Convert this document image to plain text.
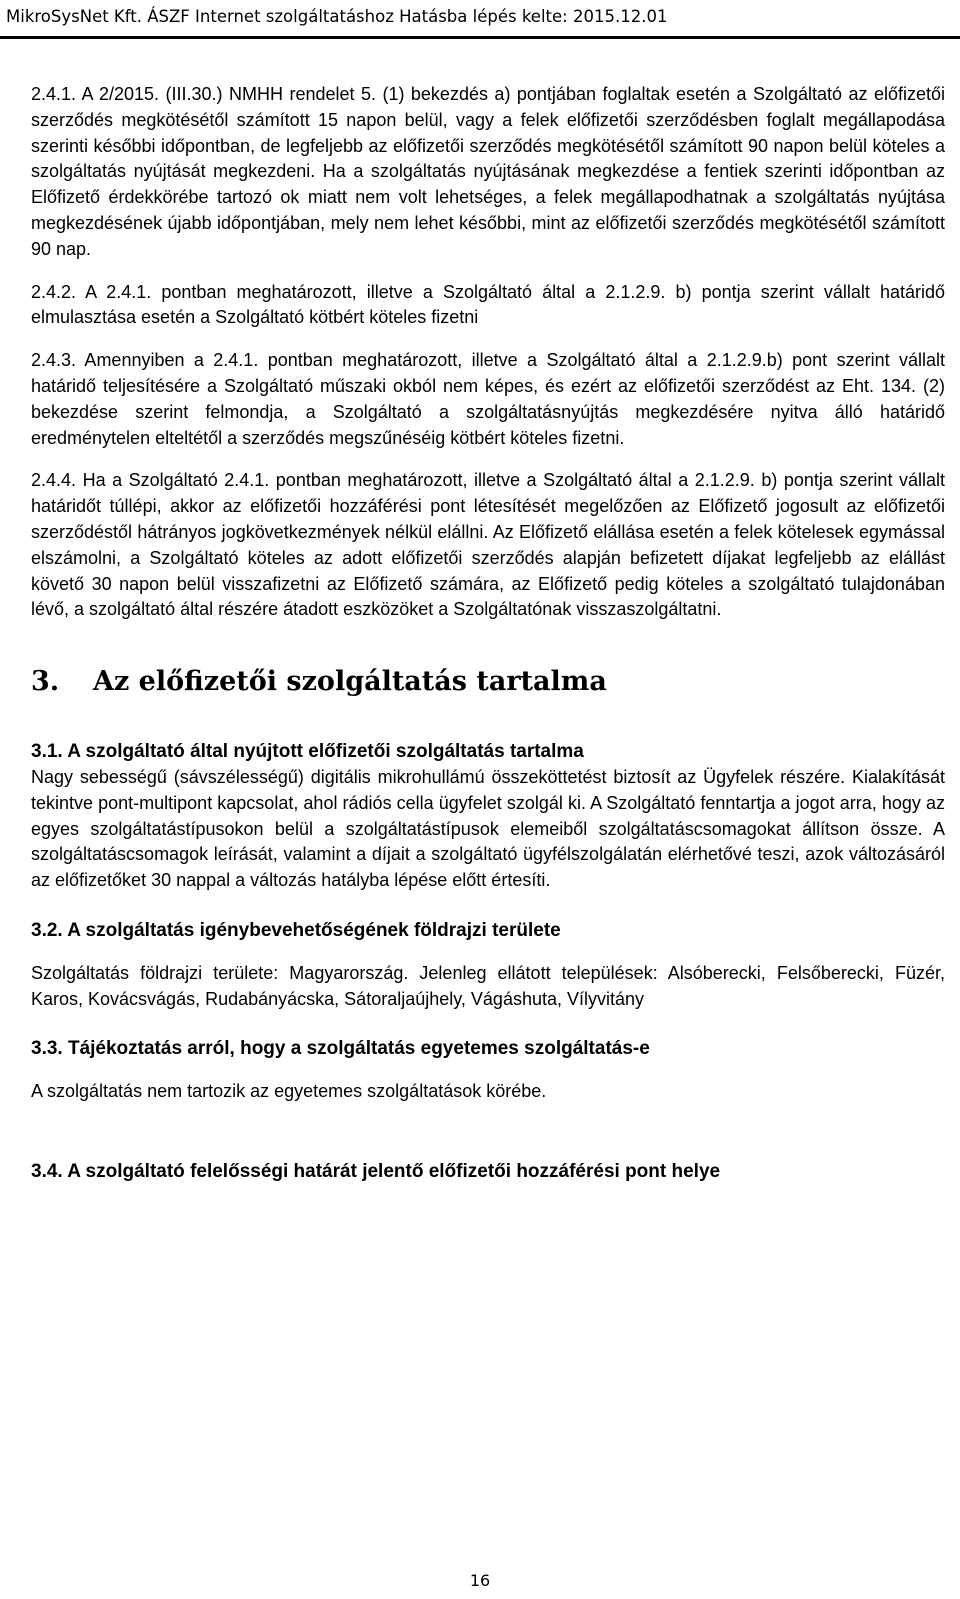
MikroSysNet Kft. ÁSZF Internet szolgáltatáshoz Hatásba lépés kelte: 2015.12.01

2.4.1. A 2/2015. (III.30.) NMHH rendelet 5. (1) bekezdés a) pontjában foglaltak esetén a Szolgáltató az előfizetői szerződés megkötésétől számított 15 napon belül, vagy a felek előfizetői szerződésben foglalt megállapodása szerinti későbbi időpontban, de legfeljebb az előfizetői szerződés megkötésétől számított 90 napon belül köteles a szolgáltatás nyújtását megkezdeni. Ha a szolgáltatás nyújtásának megkezdése a fentiek szerinti időpontban az Előfizető érdekkörébe tartozó ok miatt nem volt lehetséges, a felek megállapodhatnak a szolgáltatás nyújtása megkezdésének újabb időpontjában, mely nem lehet későbbi, mint az előfizetői szerződés megkötésétől számított 90 nap.

2.4.2. A 2.4.1. pontban meghatározott, illetve a Szolgáltató által a 2.1.2.9. b) pontja szerint vállalt határidő elmulasztása esetén a Szolgáltató kötbért köteles fizetni

2.4.3. Amennyiben a 2.4.1. pontban meghatározott, illetve a Szolgáltató által a 2.1.2.9.b) pont szerint vállalt határidő teljesítésére a Szolgáltató műszaki okból nem képes, és ezért az előfizetői szerződést az Eht. 134. (2) bekezdése szerint felmondja, a Szolgáltató a szolgáltatásnyújtás megkezdésére nyitva álló határidő eredménytelen elteltétől a szerződés megszűnéséig kötbért köteles fizetni.

2.4.4. Ha a Szolgáltató 2.4.1. pontban meghatározott, illetve a Szolgáltató által a 2.1.2.9. b) pontja szerint vállalt határidőt túllépi, akkor az előfizetői hozzáférési pont létesítését megelőzően az Előfizető jogosult az előfizetői szerződéstől hátrányos jogkövetkezmények nélkül elállni. Az Előfizető elállása esetén a felek kötelesek egymással elszámolni, a Szolgáltató köteles az adott előfizetői szerződés alapján befizetett díjakat legfeljebb az elállást követő 30 napon belül visszafizetni az Előfizető számára, az Előfizető pedig köteles a szolgáltató tulajdonában lévő, a szolgáltató által részére átadott eszközöket a Szolgáltatónak visszaszolgáltatni.

3. Az előfizetői szolgáltatás tartalma
3.1. A szolgáltató által nyújtott előfizetői szolgáltatás tartalma

Nagy sebességű (sávszélességű) digitális mikrohullámú összeköttetést biztosít az Ügyfelek részére. Kialakítását tekintve pont-multipont kapcsolat, ahol rádiós cella ügyfelet szolgál ki. A Szolgáltató fenntartja a jogot arra, hogy az egyes szolgáltatástípusokon belül a szolgáltatástípusok elemeiből szolgáltatáscsomagokat állítson össze. A szolgáltatáscsomagok leírását, valamint a díjait a szolgáltató ügyfélszolgálatán elérhetővé teszi, azok változásáról az előfizetőket 30 nappal a változás hatályba lépése előtt értesíti.

3.2. A szolgáltatás igénybevehetőségének földrajzi területe

Szolgáltatás földrajzi területe: Magyarország. Jelenleg ellátott települések: Alsóberecki, Felsőberecki, Füzér, Karos, Kovácsvágás, Rudabányácska, Sátoraljaújhely, Vágáshuta, Vílyvitány

3.3. Tájékoztatás arról, hogy a szolgáltatás egyetemes szolgáltatás-e

A szolgáltatás nem tartozik az egyetemes szolgáltatások körébe.

3.4. A szolgáltató felelősségi határát jelentő előfizetői hozzáférési pont helye
16
